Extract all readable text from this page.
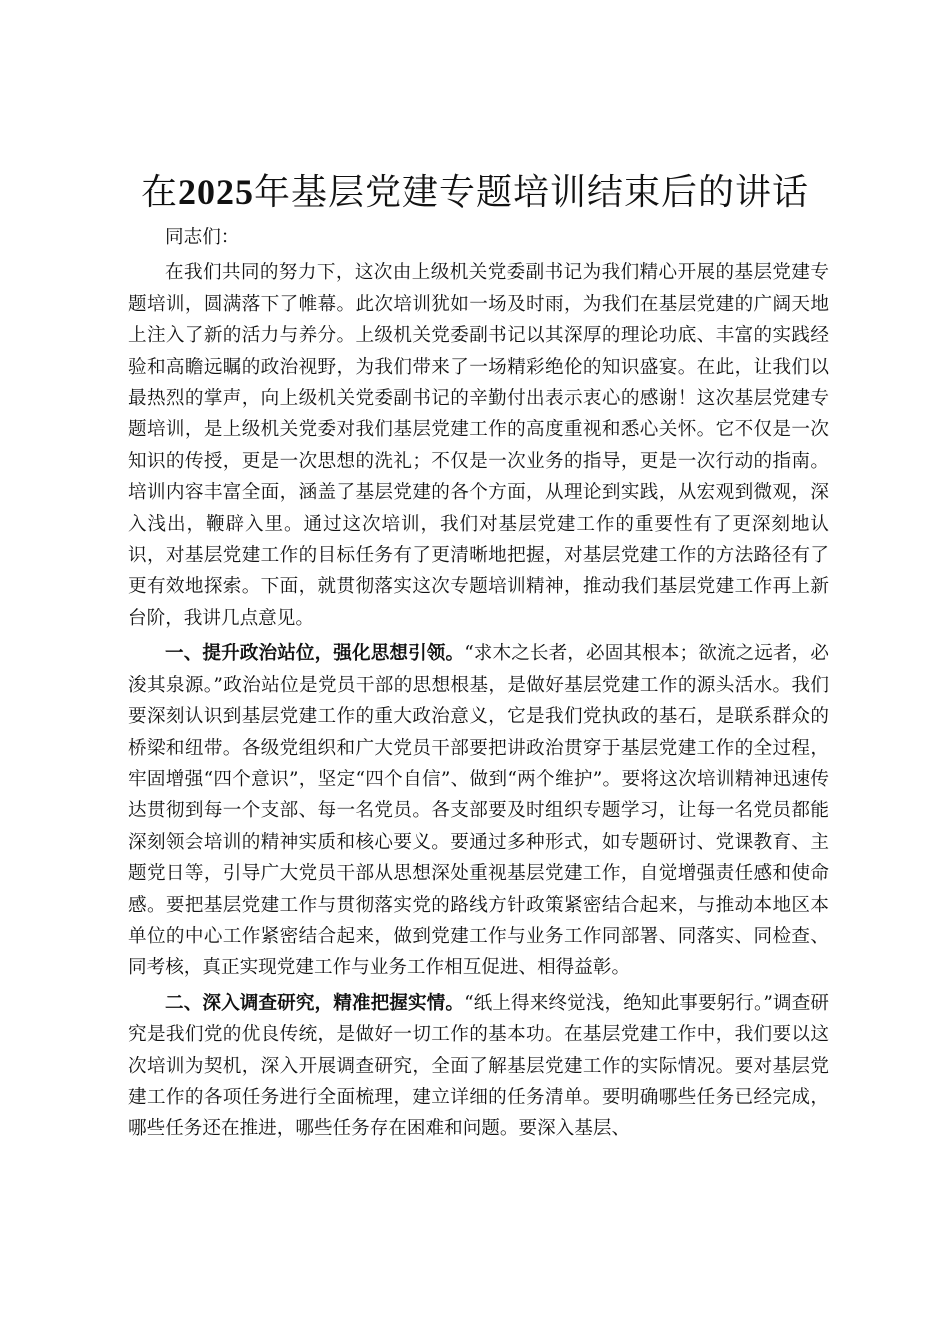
在2025年基层党建专题培训结束后的讲话

同志们：

在我们共同的努力下，这次由上级机关党委副书记为我们精心开展的基层党建专题培训，圆满落下了帷幕。此次培训犹如一场及时雨，为我们在基层党建的广阔天地上注入了新的活力与养分。上级机关党委副书记以其深厚的理论功底、丰富的实践经验和高瞻远瞩的政治视野，为我们带来了一场精彩绝伦的知识盛宴。在此，让我们以最热烈的掌声，向上级机关党委副书记的辛勤付出表示衷心的感谢！这次基层党建专题培训，是上级机关党委对我们基层党建工作的高度重视和悉心关怀。它不仅是一次知识的传授，更是一次思想的洗礼；不仅是一次业务的指导，更是一次行动的指南。培训内容丰富全面，涵盖了基层党建的各个方面，从理论到实践，从宏观到微观，深入浅出，鞭辟入里。通过这次培训，我们对基层党建工作的重要性有了更深刻地认识，对基层党建工作的目标任务有了更清晰地把握，对基层党建工作的方法路径有了更有效地探索。下面，就贯彻落实这次专题培训精神，推动我们基层党建工作再上新台阶，我讲几点意见。

一、提升政治站位，强化思想引领。“求木之长者，必固其根本；欲流之远者，必浚其泉源。”政治站位是党员干部的思想根基，是做好基层党建工作的源头活水。我们要深刻认识到基层党建工作的重大政治意义，它是我们党执政的基石，是联系群众的桥梁和纽带。各级党组织和广大党员干部要把讲政治贯穿于基层党建工作的全过程，牢固增强“四个意识”，坚定“四个自信”、做到“两个维护”。要将这次培训精神迅速传达贯彻到每一个支部、每一名党员。各支部要及时组织专题学习，让每一名党员都能深刻领会培训的精神实质和核心要义。要通过多种形式，如专题研讨、党课教育、主题党日等，引导广大党员干部从思想深处重视基层党建工作，自觉增强责任感和使命感。要把基层党建工作与贯彻落实党的路线方针政策紧密结合起来，与推动本地区本单位的中心工作紧密结合起来，做到党建工作与业务工作同部署、同落实、同检查、同考核，真正实现党建工作与业务工作相互促进、相得益彰。

二、深入调查研究，精准把握实情。“纸上得来终觉浅，绝知此事要躬行。”调查研究是我们党的优良传统，是做好一切工作的基本功。在基层党建工作中，我们要以这次培训为契机，深入开展调查研究，全面了解基层党建工作的实际情况。要对基层党建工作的各项任务进行全面梳理，建立详细的任务清单。要明确哪些任务已经完成，哪些任务还在推进，哪些任务存在困难和问题。要深入基层、
